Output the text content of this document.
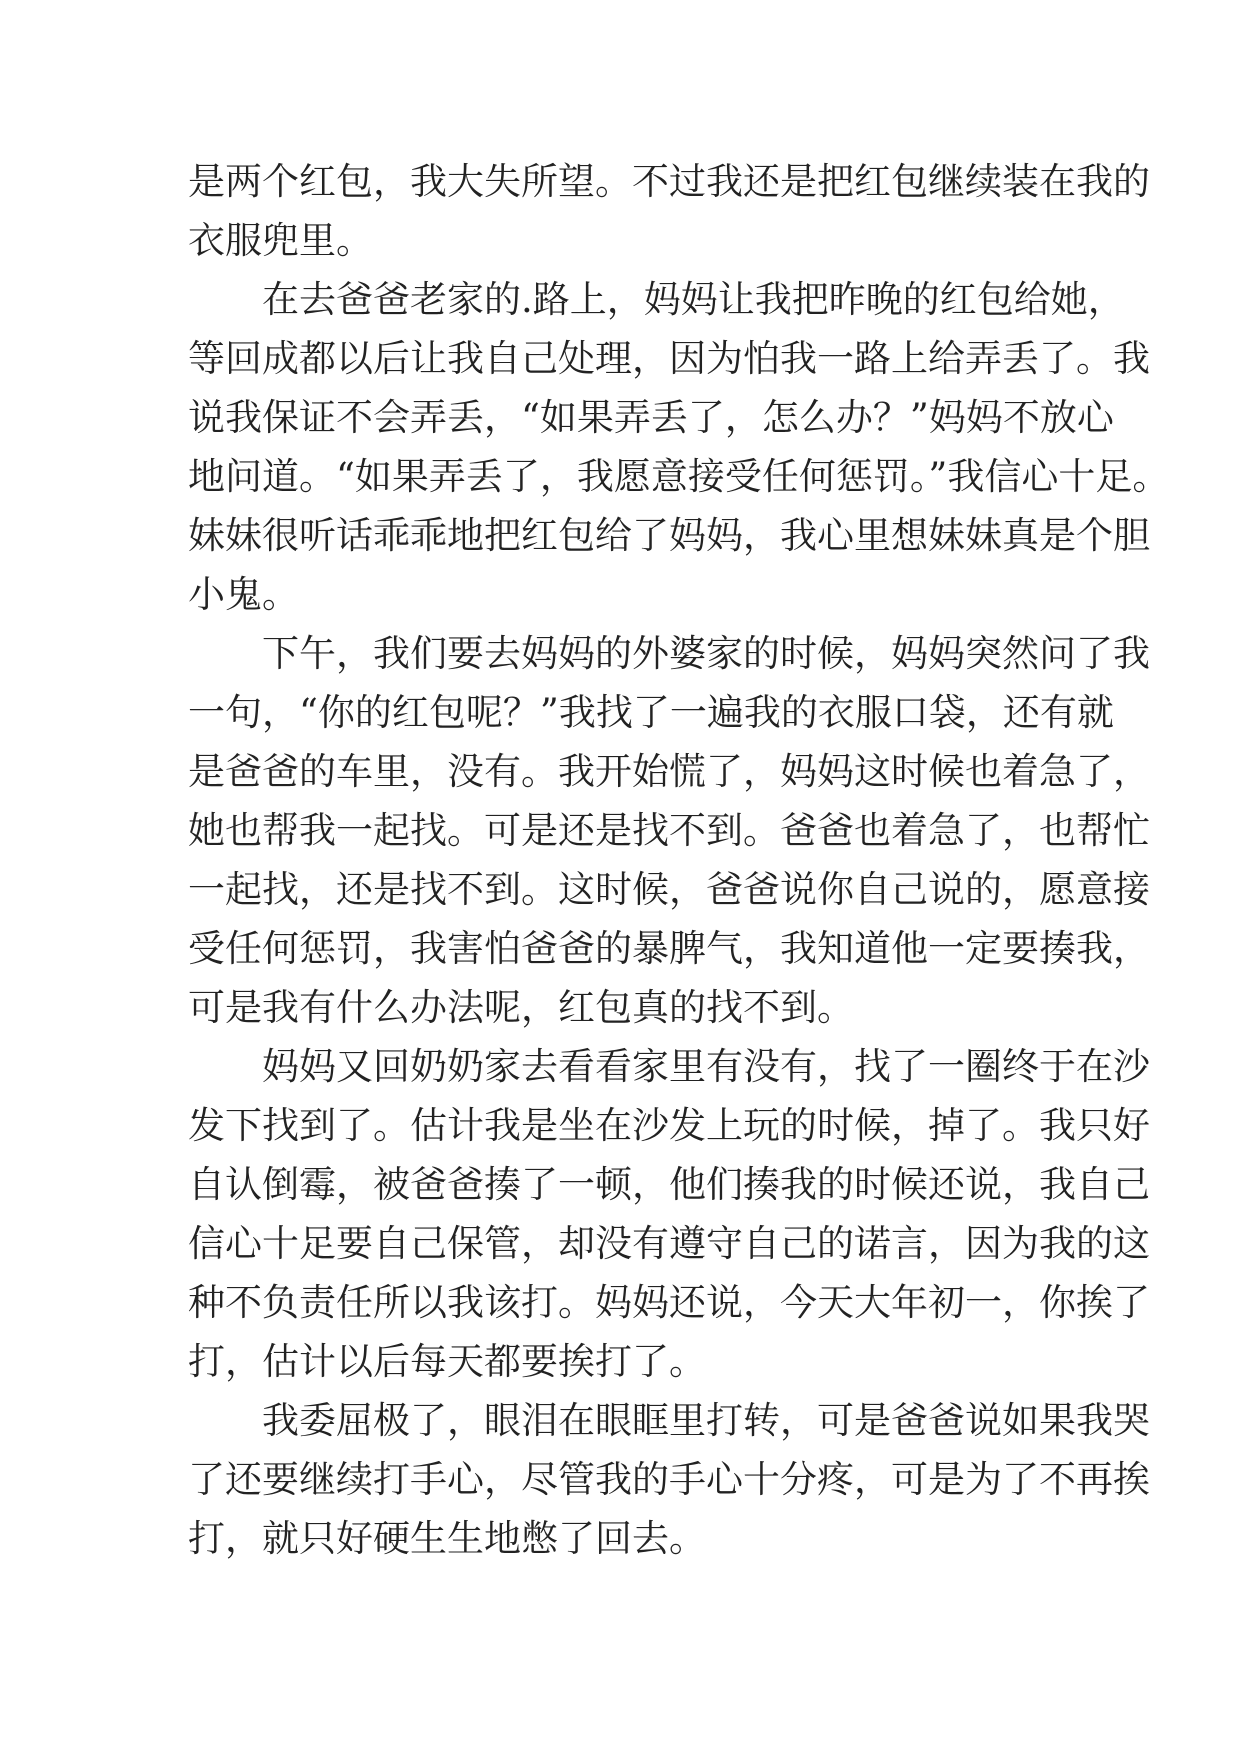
是两个红包，我大失所望。不过我还是把红包继续装在我的
衣服兜里。
在去爸爸老家的.路上，妈妈让我把昨晚的红包给她，
等回成都以后让我自己处理，因为怕我一路上给弄丢了。我
说我保证不会弄丢，“如果弄丢了，怎么办？”妈妈不放心
地问道。“如果弄丢了，我愿意接受任何惩罚。”我信心十足。
妹妹很听话乖乖地把红包给了妈妈，我心里想妹妹真是个胆
小鬼。
下午，我们要去妈妈的外婆家的时候，妈妈突然问了我
一句，“你的红包呢？”我找了一遍我的衣服口袋，还有就
是爸爸的车里，没有。我开始慌了，妈妈这时候也着急了，
她也帮我一起找。可是还是找不到。爸爸也着急了，也帮忙
一起找，还是找不到。这时候，爸爸说你自己说的，愿意接
受任何惩罚，我害怕爸爸的暴脾气，我知道他一定要揍我，
可是我有什么办法呢，红包真的找不到。
妈妈又回奶奶家去看看家里有没有，找了一圈终于在沙
发下找到了。估计我是坐在沙发上玩的时候，掉了。我只好
自认倒霉，被爸爸揍了一顿，他们揍我的时候还说，我自己
信心十足要自己保管，却没有遵守自己的诺言，因为我的这
种不负责任所以我该打。妈妈还说，今天大年初一，你挨了
打，估计以后每天都要挨打了。
我委屈极了，眼泪在眼眶里打转，可是爸爸说如果我哭
了还要继续打手心，尽管我的手心十分疼，可是为了不再挨
打，就只好硬生生地憋了回去。
